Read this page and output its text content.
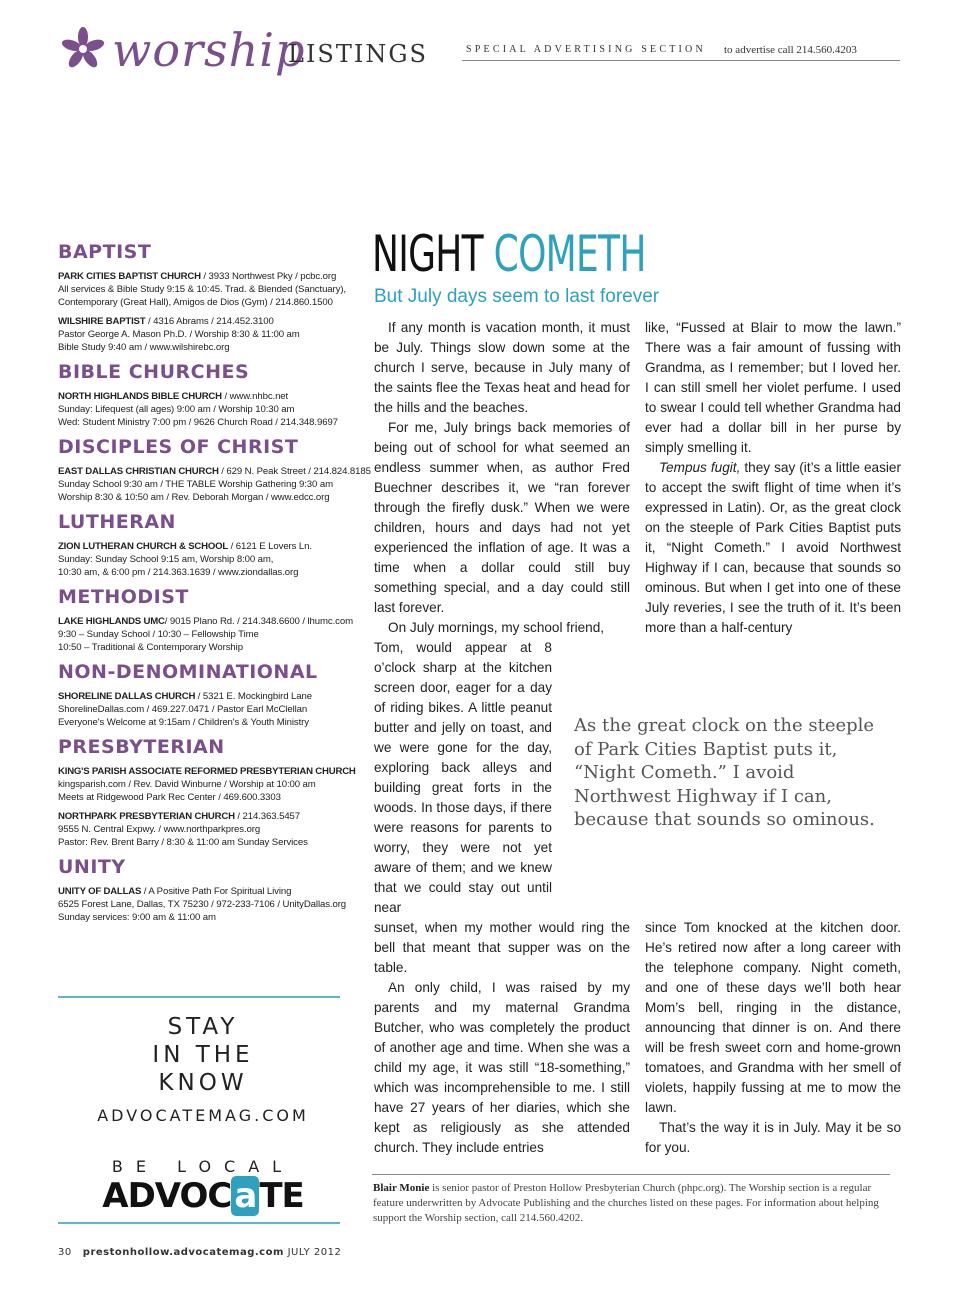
worship
LISTINGS	SPECIAL ADVERTISING SECTION to advertise call 214.560.4203
BAPTIST
PARK CITIES BAPTIST CHURCH / 3933 Northwest Pky / pcbc.org
All services & Bible Study 9:15 & 10:45. Trad. & Blended (Sanctuary),
Contemporary (Great Hall), Amigos de Dios (Gym) / 214.860.1500
WILSHIRE BAPTIST / 4316 Abrams / 214.452.3100
Pastor George A. Mason Ph.D. / Worship 8:30 & 11:00 am
Bible Study 9:40 am / www.wilshirebc.org
BIBLE CHURCHES
NORTH HIGHLANDS BIBLE CHURCH / www.nhbc.net
Sunday: Lifequest (all ages) 9:00 am / Worship 10:30 am
Wed: Student Ministry 7:00 pm / 9626 Church Road / 214.348.9697
DISCIPLES OF CHRIST
EAST DALLAS CHRISTIAN CHURCH / 629 N. Peak Street / 214.824.8185
Sunday School 9:30 am / THE TABLE Worship Gathering 9:30 am
Worship 8:30 & 10:50 am / Rev. Deborah Morgan / www.edcc.org
LUTHERAN
ZION LUTHERAN CHURCH & SCHOOL / 6121 E Lovers Ln.
Sunday: Sunday School 9:15 am, Worship 8:00 am,
10:30 am, & 6:00 pm / 214.363.1639 / www.ziondallas.org
METHODIST
LAKE HIGHLANDS UMC/ 9015 Plano Rd. / 214.348.6600 / lhumc.com
9:30 – Sunday School / 10:30 – Fellowship Time
10:50 – Traditional & Contemporary Worship
NON-DENOMINATIONAL
SHORELINE DALLAS CHURCH / 5321 E. Mockingbird Lane
ShorelineDallas.com / 469.227.0471 / Pastor Earl McClellan
Everyone's Welcome at 9:15am / Children's & Youth Ministry
PRESBYTERIAN
KING'S PARISH ASSOCIATE REFORMED PRESBYTERIAN CHURCH
kingsparish.com / Rev. David Winburne / Worship at 10:00 am
Meets at Ridgewood Park Rec Center / 469.600.3303
NORTHPARK PRESBYTERIAN CHURCH / 214.363.5457
9555 N. Central Expwy. / www.northparkpres.org
Pastor: Rev. Brent Barry / 8:30 & 11:00 am Sunday Services
UNITY
UNITY OF DALLAS / A Positive Path For Spiritual Living
6525 Forest Lane, Dallas, TX 75230 / 972-233-7106 / UnityDallas.org
Sunday services: 9:00 am & 11:00 am
STAY
IN THE
KNOW
ADVOCATEMAG.COM
BE LOCAL
ADVOCaTE
30 prestonhollow.advocatemag.com JULY 2012
NIGHT COMETH
But July days seem to last forever

If any month is vacation month, it must be July. Things slow down some at the church I serve, because in July many of the saints flee the Texas heat and head for the hills and the beaches.

For me, July brings back memories of being out of school for what seemed an endless summer when, as author Fred Buechner describes it, we “ran forever through the firefly dusk.” When we were children, hours and days had not yet experienced the inflation of age. It was a time when a dollar could still buy something special, and a day could still last forever.

On July mornings, my school friend,

Tom, would appear at 8 o’clock sharp at the kitchen screen door, eager for a day of riding bikes. A little peanut butter and jelly on toast, and we were gone for the day, exploring back alleys and building great forts in the woods. In those days, if there were reasons for parents to worry, they were not yet aware of them; and we knew that we could stay out until near

sunset, when my mother would ring the bell that meant that supper was on the table.

An only child, I was raised by my parents and my maternal Grandma Butcher, who was completely the product of another age and time. When she was a child my age, it was still “18-something,” which was incomprehensible to me. I still have 27 years of her diaries, which she kept as religiously as she attended church. They include entries

like, “Fussed at Blair to mow the lawn.” There was a fair amount of fussing with Grandma, as I remember; but I loved her. I can still smell her violet perfume. I used to swear I could tell whether Grandma had ever had a dollar bill in her purse by simply smelling it.

Tempus fugit, they say (it’s a little easier to accept the swift flight of time when it’s expressed in Latin). Or, as the great clock on the steeple of Park Cities Baptist puts it, “Night Cometh.” I avoid Northwest Highway if I can, because that sounds so ominous. But when I get into one of these July reveries, I see the truth of it. It’s been more than a half-century

As the great clock on the steeple of Park Cities Baptist puts it, “Night Cometh.” I avoid Northwest Highway if I can, because that sounds so ominous.

since Tom knocked at the kitchen door. He’s retired now after a long career with the telephone company. Night cometh, and one of these days we’ll both hear Mom’s bell, ringing in the distance, announcing that dinner is on. And there will be fresh sweet corn and home-grown tomatoes, and Grandma with her smell of violets, happily fussing at me to mow the lawn.

That’s the way it is in July. May it be so for you.

Blair Monie is senior pastor of Preston Hollow Presbyterian Church (phpc.org). The Worship section is a regular feature underwritten by Advocate Publishing and the churches listed on these pages. For information about helping support the Worship section, call 214.560.4202.
